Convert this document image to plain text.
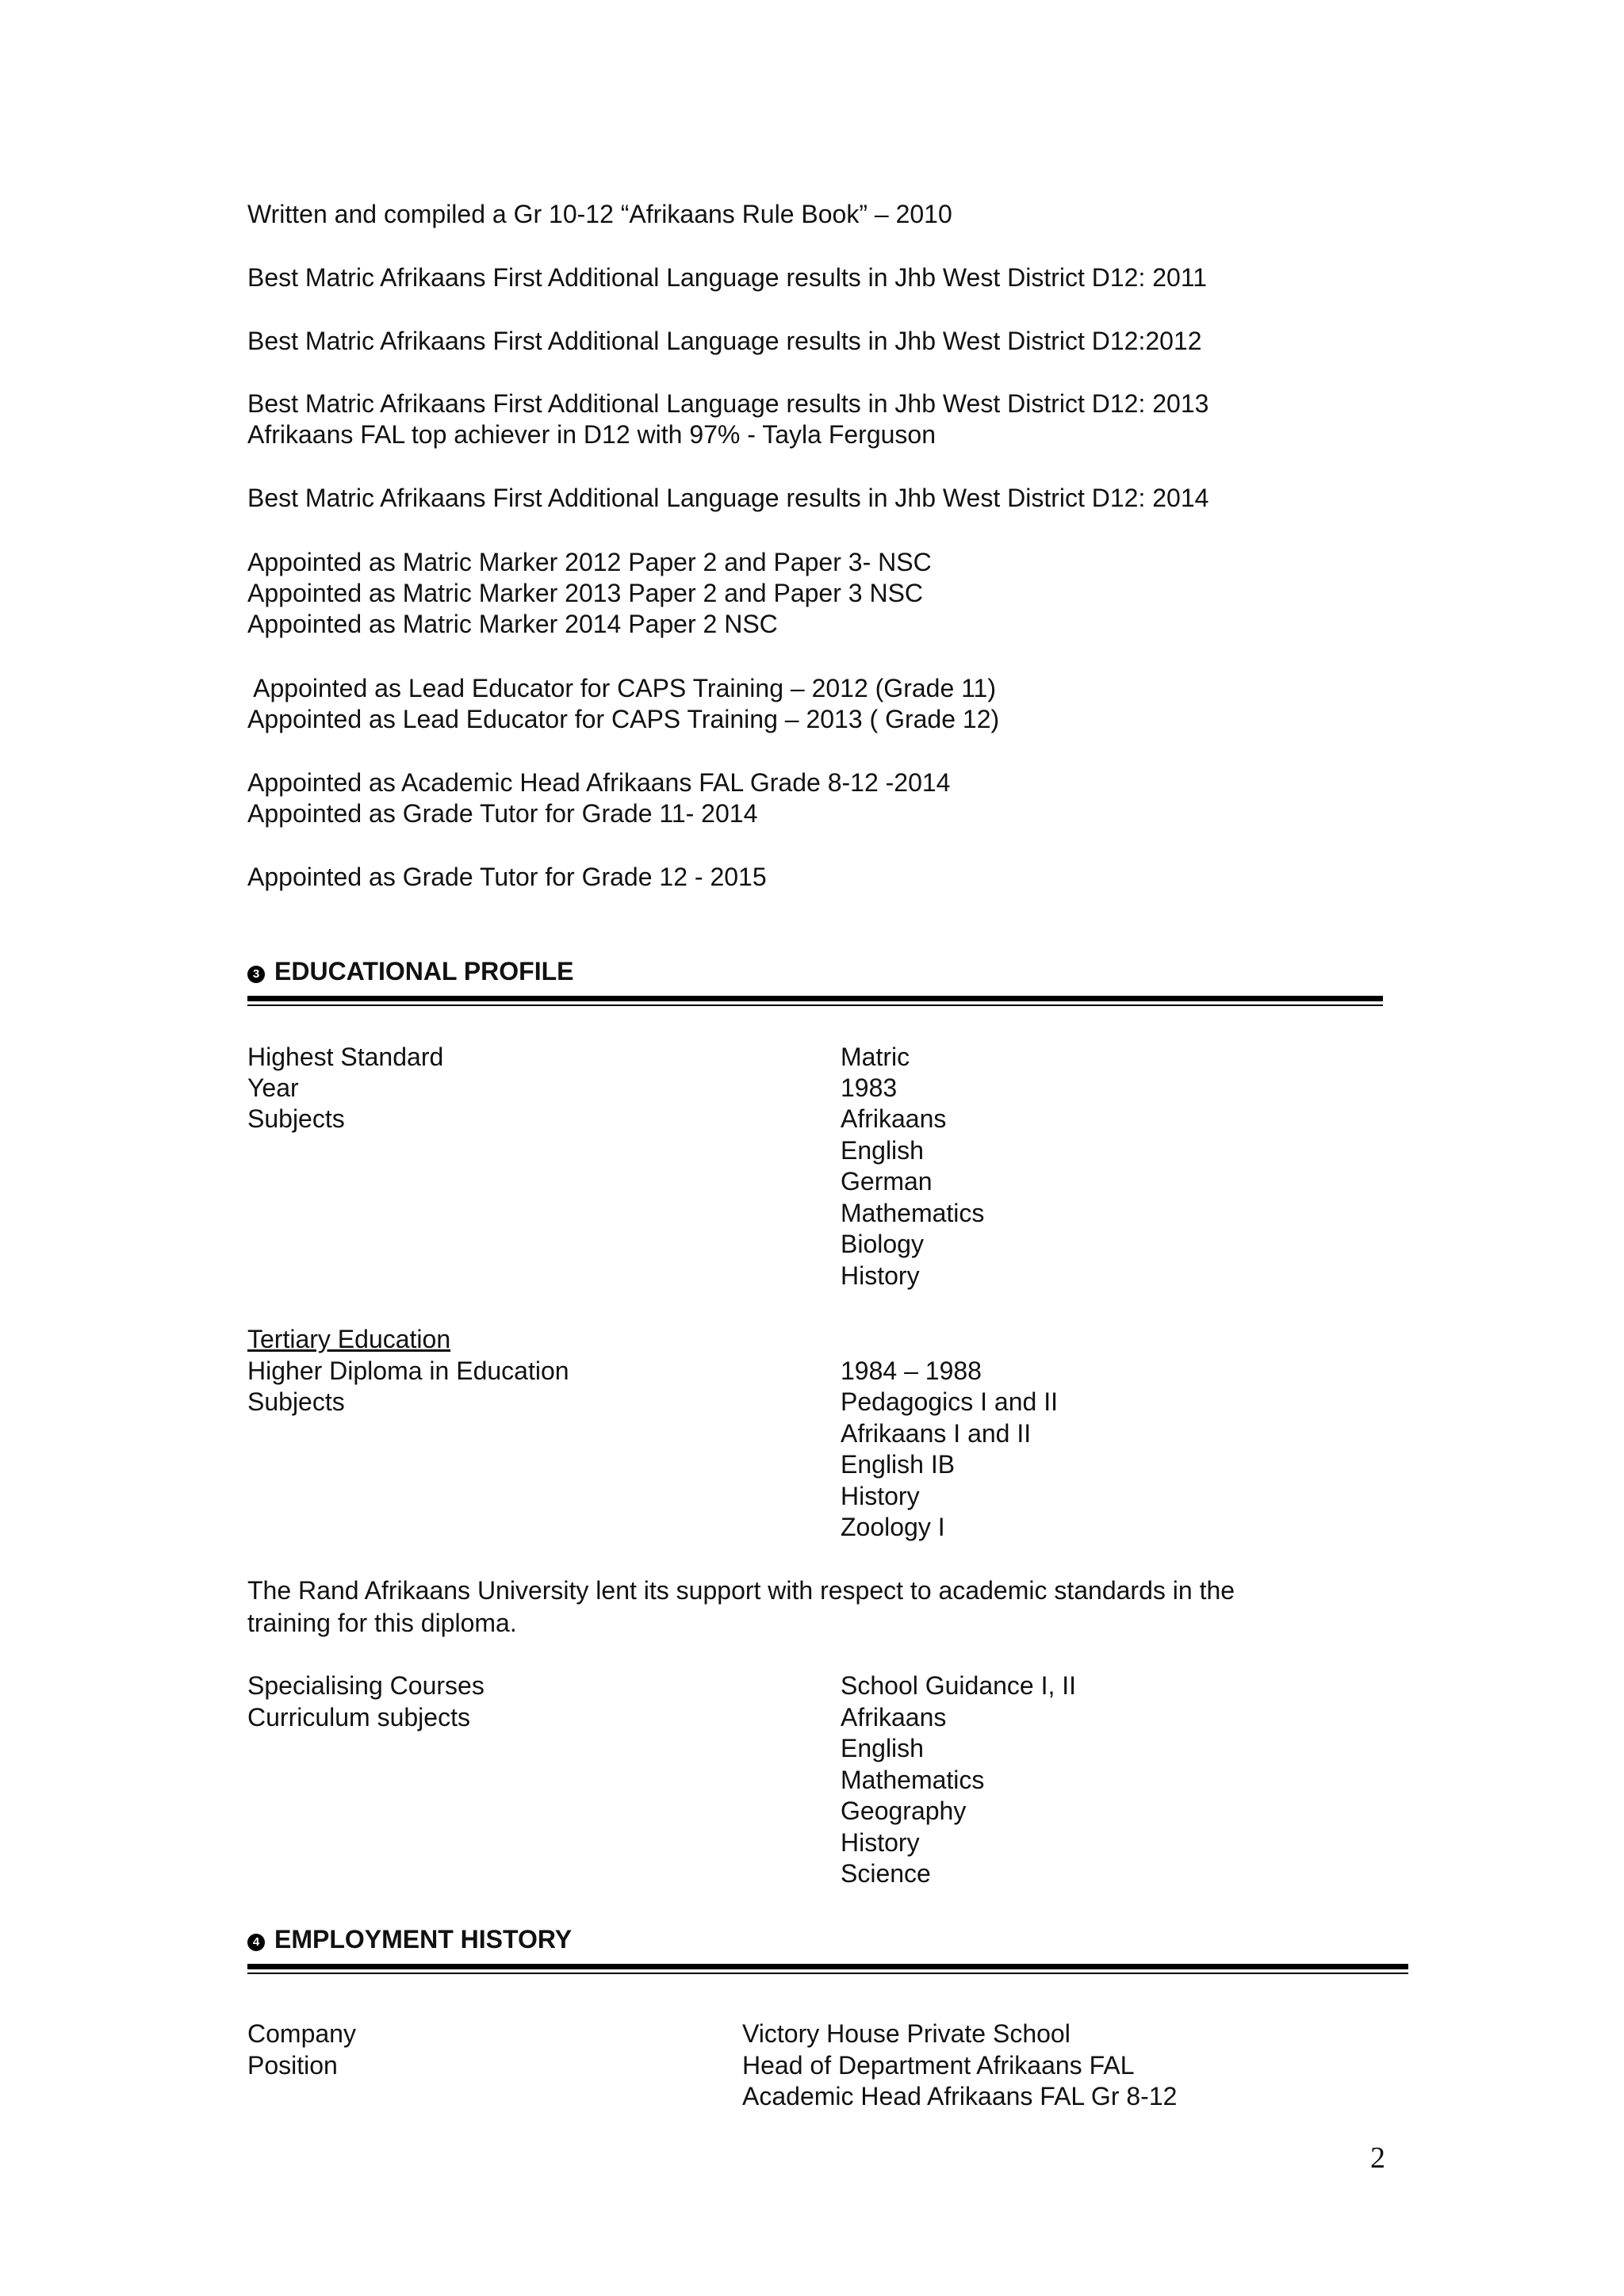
Written and compiled a Gr 10-12 “Afrikaans Rule Book” – 2010
Best Matric Afrikaans First Additional Language results in Jhb West District D12: 2011
Best Matric Afrikaans First Additional Language results in Jhb West District D12:2012
Best Matric Afrikaans First Additional Language results in Jhb West District D12: 2013
Afrikaans FAL top achiever in D12 with 97% - Tayla Ferguson
Best Matric Afrikaans First Additional Language results in Jhb West District D12: 2014
Appointed as Matric Marker 2012 Paper 2 and Paper 3- NSC
Appointed as Matric Marker 2013 Paper 2 and Paper 3 NSC
Appointed as Matric Marker 2014 Paper 2 NSC
Appointed as Lead Educator for CAPS Training – 2012 (Grade 11)
Appointed as Lead Educator for CAPS Training – 2013 ( Grade 12)
Appointed as Academic Head Afrikaans FAL Grade 8-12 -2014
Appointed as Grade Tutor for Grade 11- 2014
Appointed as Grade Tutor for Grade 12 - 2015
3 EDUCATIONAL PROFILE
Highest Standard	Matric
Year	1983
Subjects	Afrikaans
English
German
Mathematics
Biology
History
Tertiary Education
Higher Diploma in Education	1984 – 1988
Subjects	Pedagogics I and II
Afrikaans I and II
English IB
History
Zoology I
The Rand Afrikaans University lent its support with respect to academic standards in the
training for this diploma.
Specialising Courses	School Guidance I, II
Curriculum subjects	Afrikaans
English
Mathematics
Geography
History
Science
4 EMPLOYMENT HISTORY
Company	Victory House Private School
Position	Head of Department Afrikaans FAL
Academic Head Afrikaans FAL Gr 8-12
2
